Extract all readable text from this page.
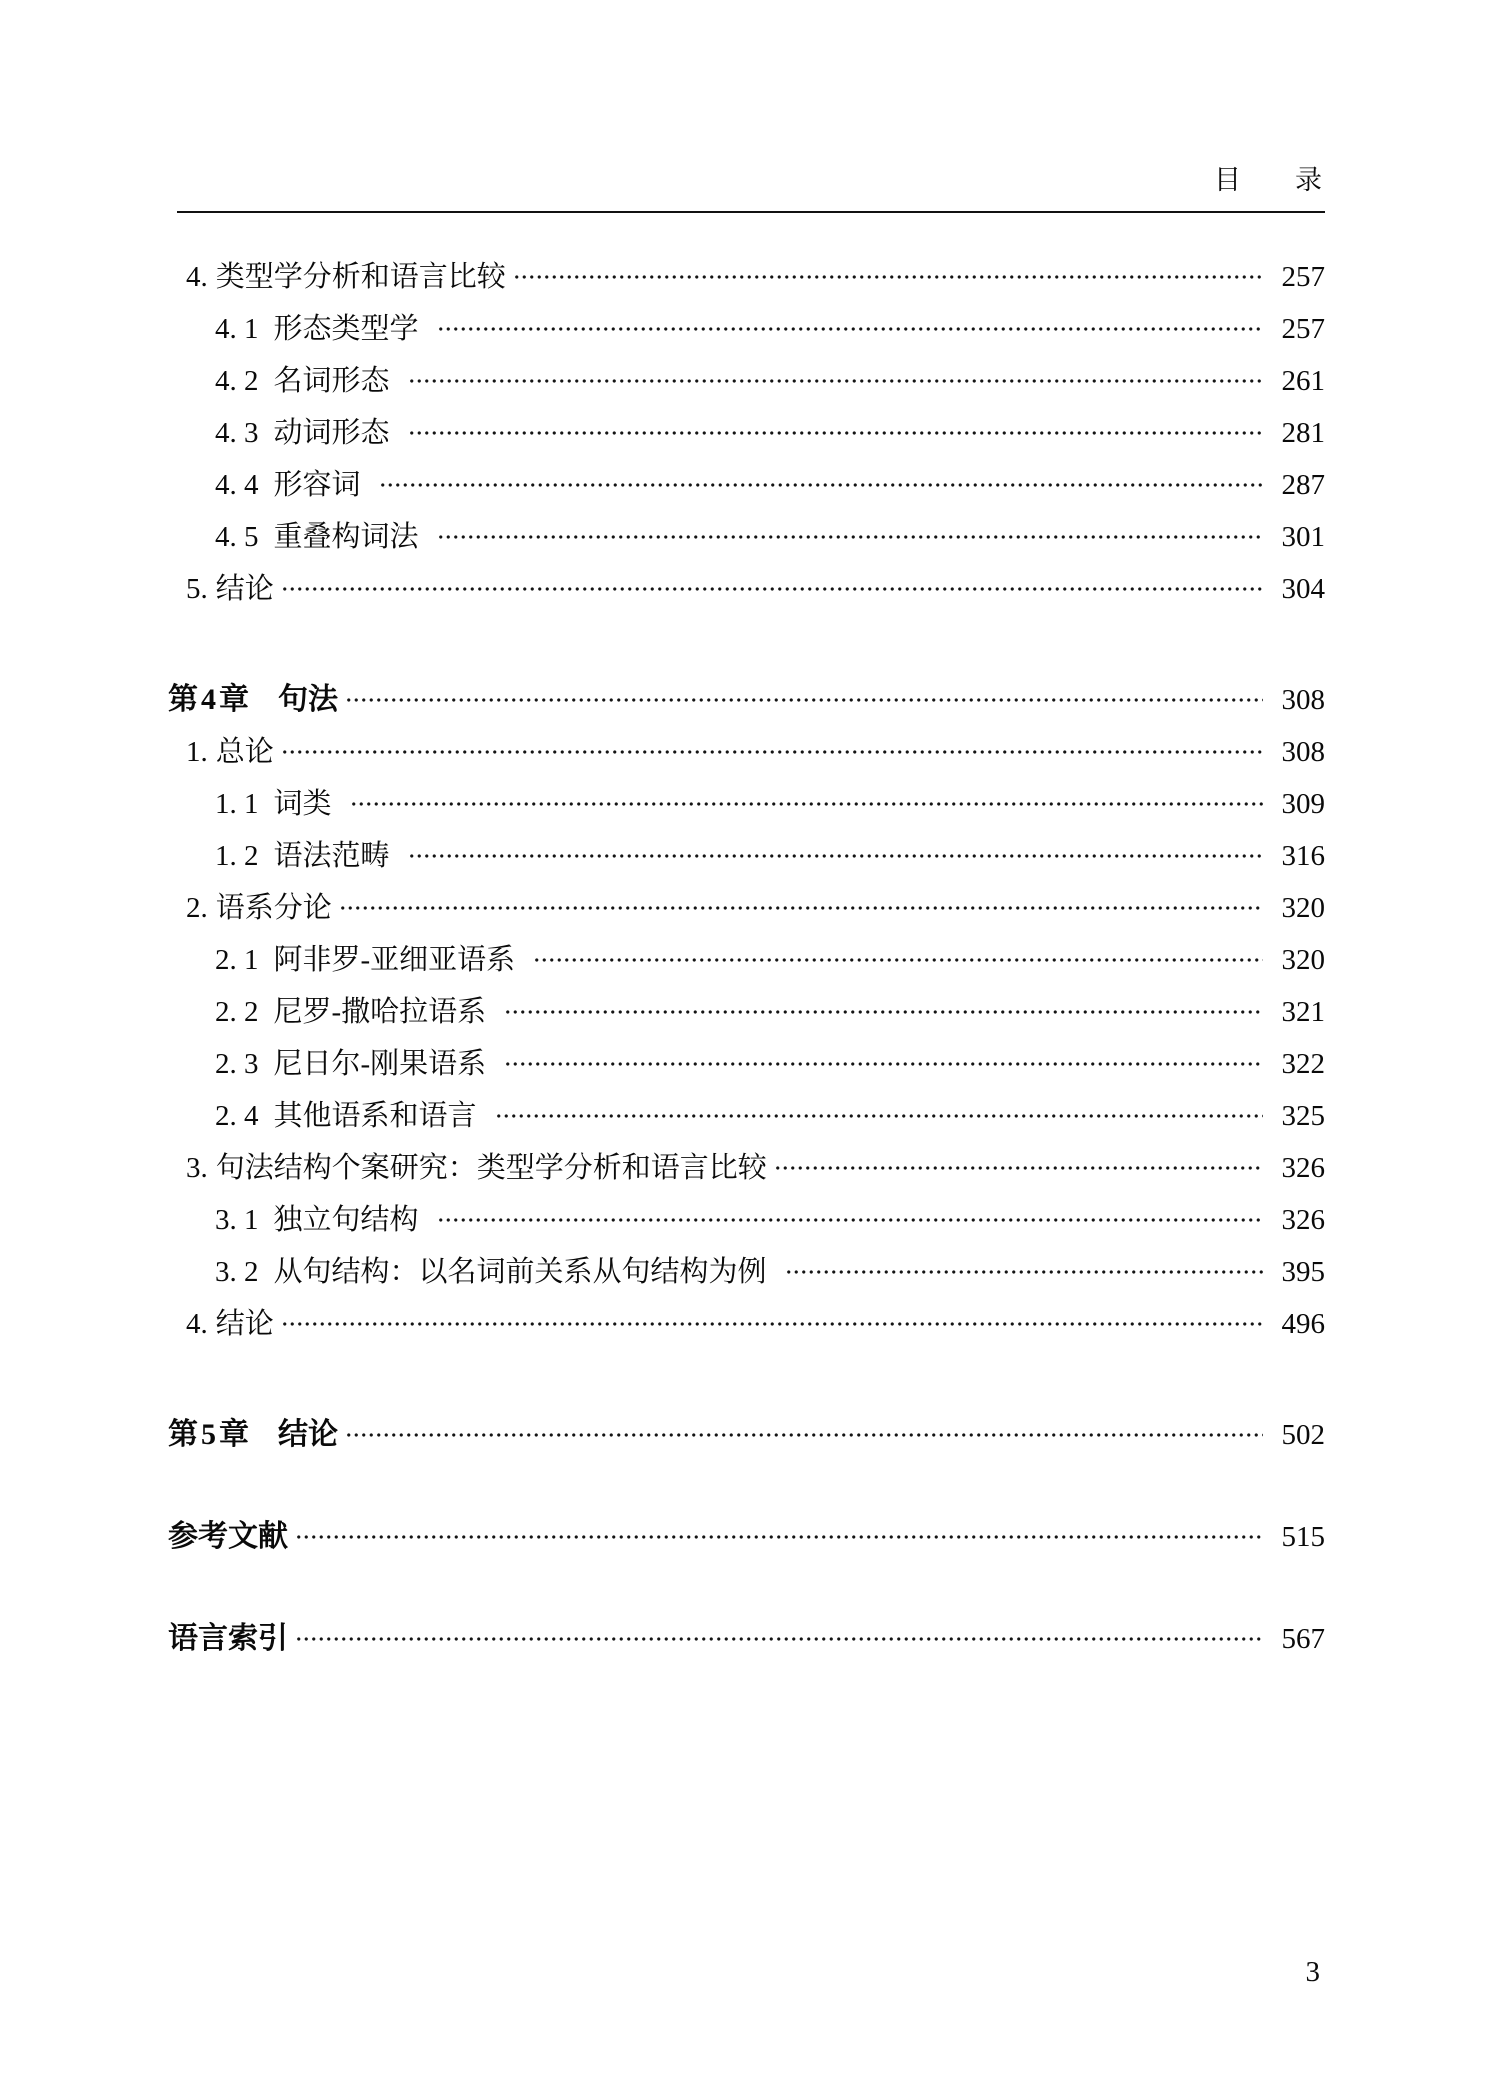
目　　录
4. 类型学分析和语言比较	257
4. 1 形态类型学	257
4. 2 名词形态	261
4. 3 动词形态	281
4. 4 形容词	287
4. 5 重叠构词法	301
5. 结论	304
第4章 句法	308
1. 总论	308
1. 1 词类	309
1. 2 语法范畴	316
2. 语系分论	320
2. 1 阿非罗-亚细亚语系	320
2. 2 尼罗-撒哈拉语系	321
2. 3 尼日尔-刚果语系	322
2. 4 其他语系和语言	325
3. 句法结构个案研究：类型学分析和语言比较	326
3. 1 独立句结构	326
3. 2 从句结构：以名词前关系从句结构为例	395
4. 结论	496
第5章 结论	502
参考文献	515
语言索引	567
3
